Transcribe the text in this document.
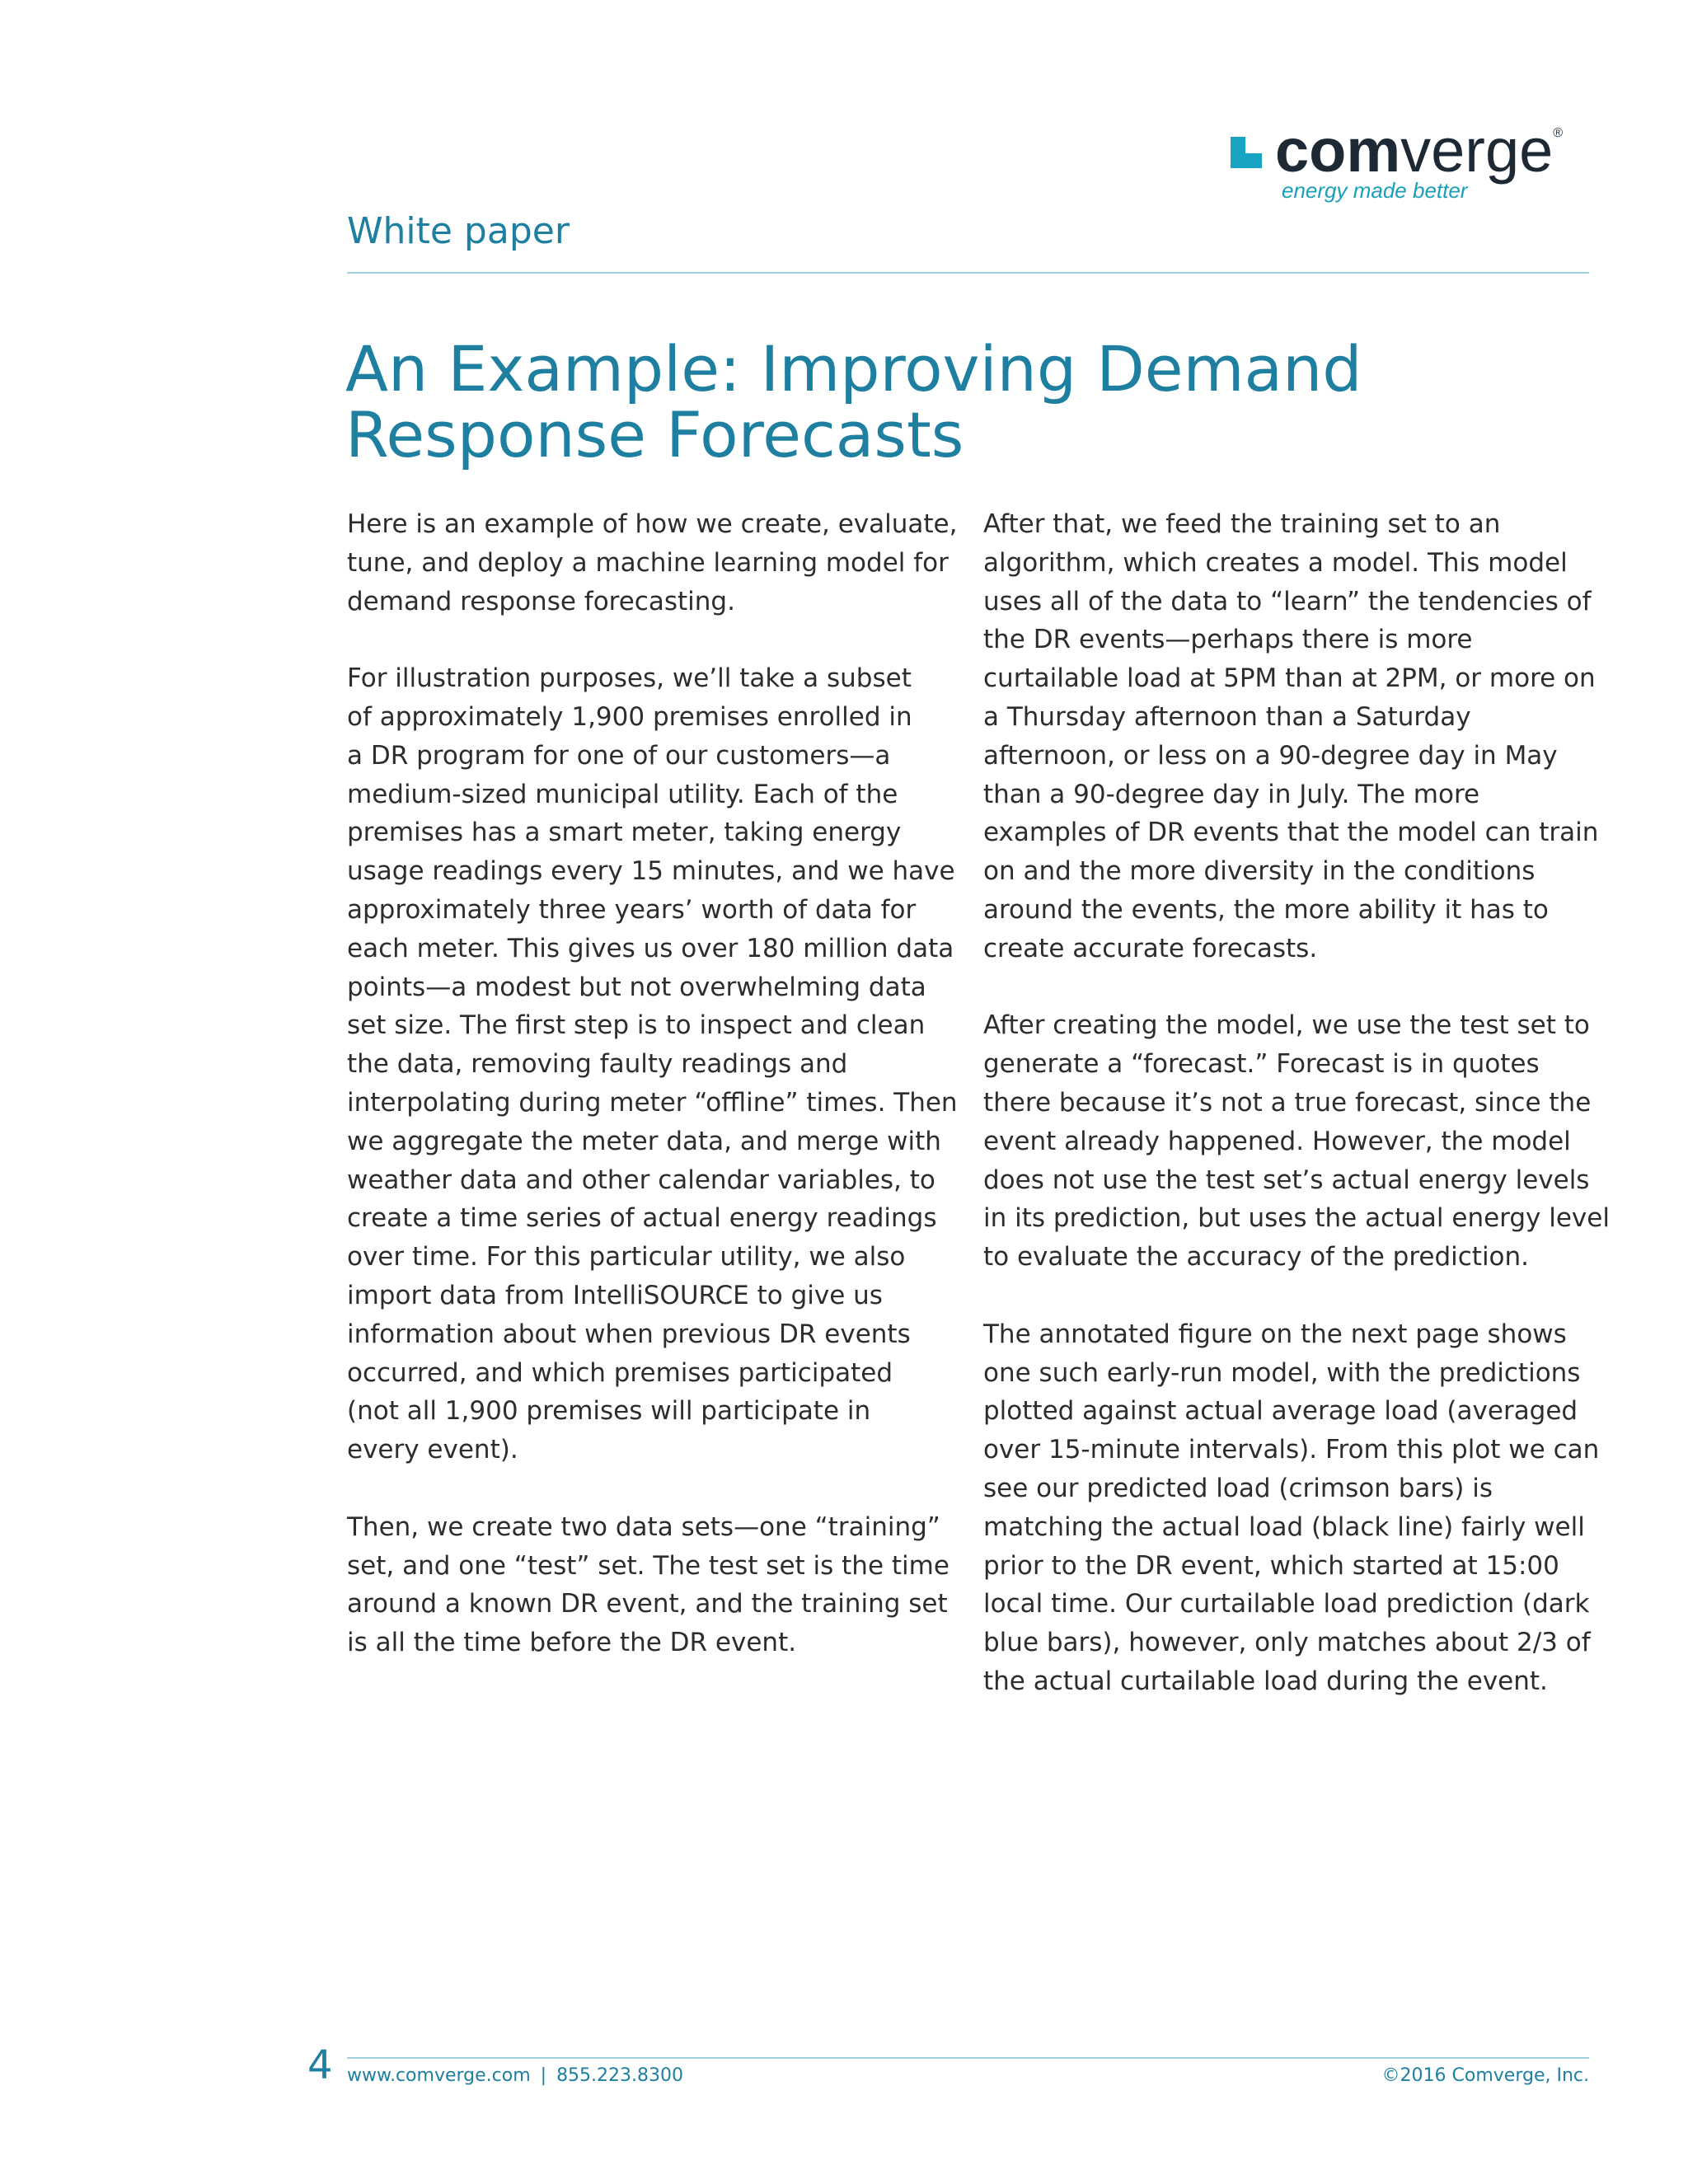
comverge®
energy made better
White paper
An Example: Improving Demand
Response Forecasts

Here is an example of how we create, evaluate,
tune, and deploy a machine learning model for
demand response forecasting.

For illustration purposes, we’ll take a subset
of approximately 1,900 premises enrolled in
a DR program for one of our customers—a
medium-sized municipal utility. Each of the
premises has a smart meter, taking energy
usage readings every 15 minutes, and we have
approximately three years’ worth of data for
each meter. This gives us over 180 million data
points—a modest but not overwhelming data
set size. The first step is to inspect and clean
the data, removing faulty readings and
interpolating during meter “offline” times. Then
we aggregate the meter data, and merge with
weather data and other calendar variables, to
create a time series of actual energy readings
over time. For this particular utility, we also
import data from IntelliSOURCE to give us
information about when previous DR events
occurred, and which premises participated
(not all 1,900 premises will participate in
every event).

Then, we create two data sets—one “training”
set, and one “test” set. The test set is the time
around a known DR event, and the training set
is all the time before the DR event.

After that, we feed the training set to an
algorithm, which creates a model. This model
uses all of the data to “learn” the tendencies of
the DR events—perhaps there is more
curtailable load at 5PM than at 2PM, or more on
a Thursday afternoon than a Saturday
afternoon, or less on a 90-degree day in May
than a 90-degree day in July. The more
examples of DR events that the model can train
on and the more diversity in the conditions
around the events, the more ability it has to
create accurate forecasts.

After creating the model, we use the test set to
generate a “forecast.” Forecast is in quotes
there because it’s not a true forecast, since the
event already happened. However, the model
does not use the test set’s actual energy levels
in its prediction, but uses the actual energy level
to evaluate the accuracy of the prediction.

The annotated figure on the next page shows
one such early-run model, with the predictions
plotted against actual average load (averaged
over 15-minute intervals). From this plot we can
see our predicted load (crimson bars) is
matching the actual load (black line) fairly well
prior to the DR event, which started at 15:00
local time. Our curtailable load prediction (dark
blue bars), however, only matches about 2/3 of
the actual curtailable load during the event.

4 www.comverge.com | 855.223.8300	©2016 Comverge, Inc.
